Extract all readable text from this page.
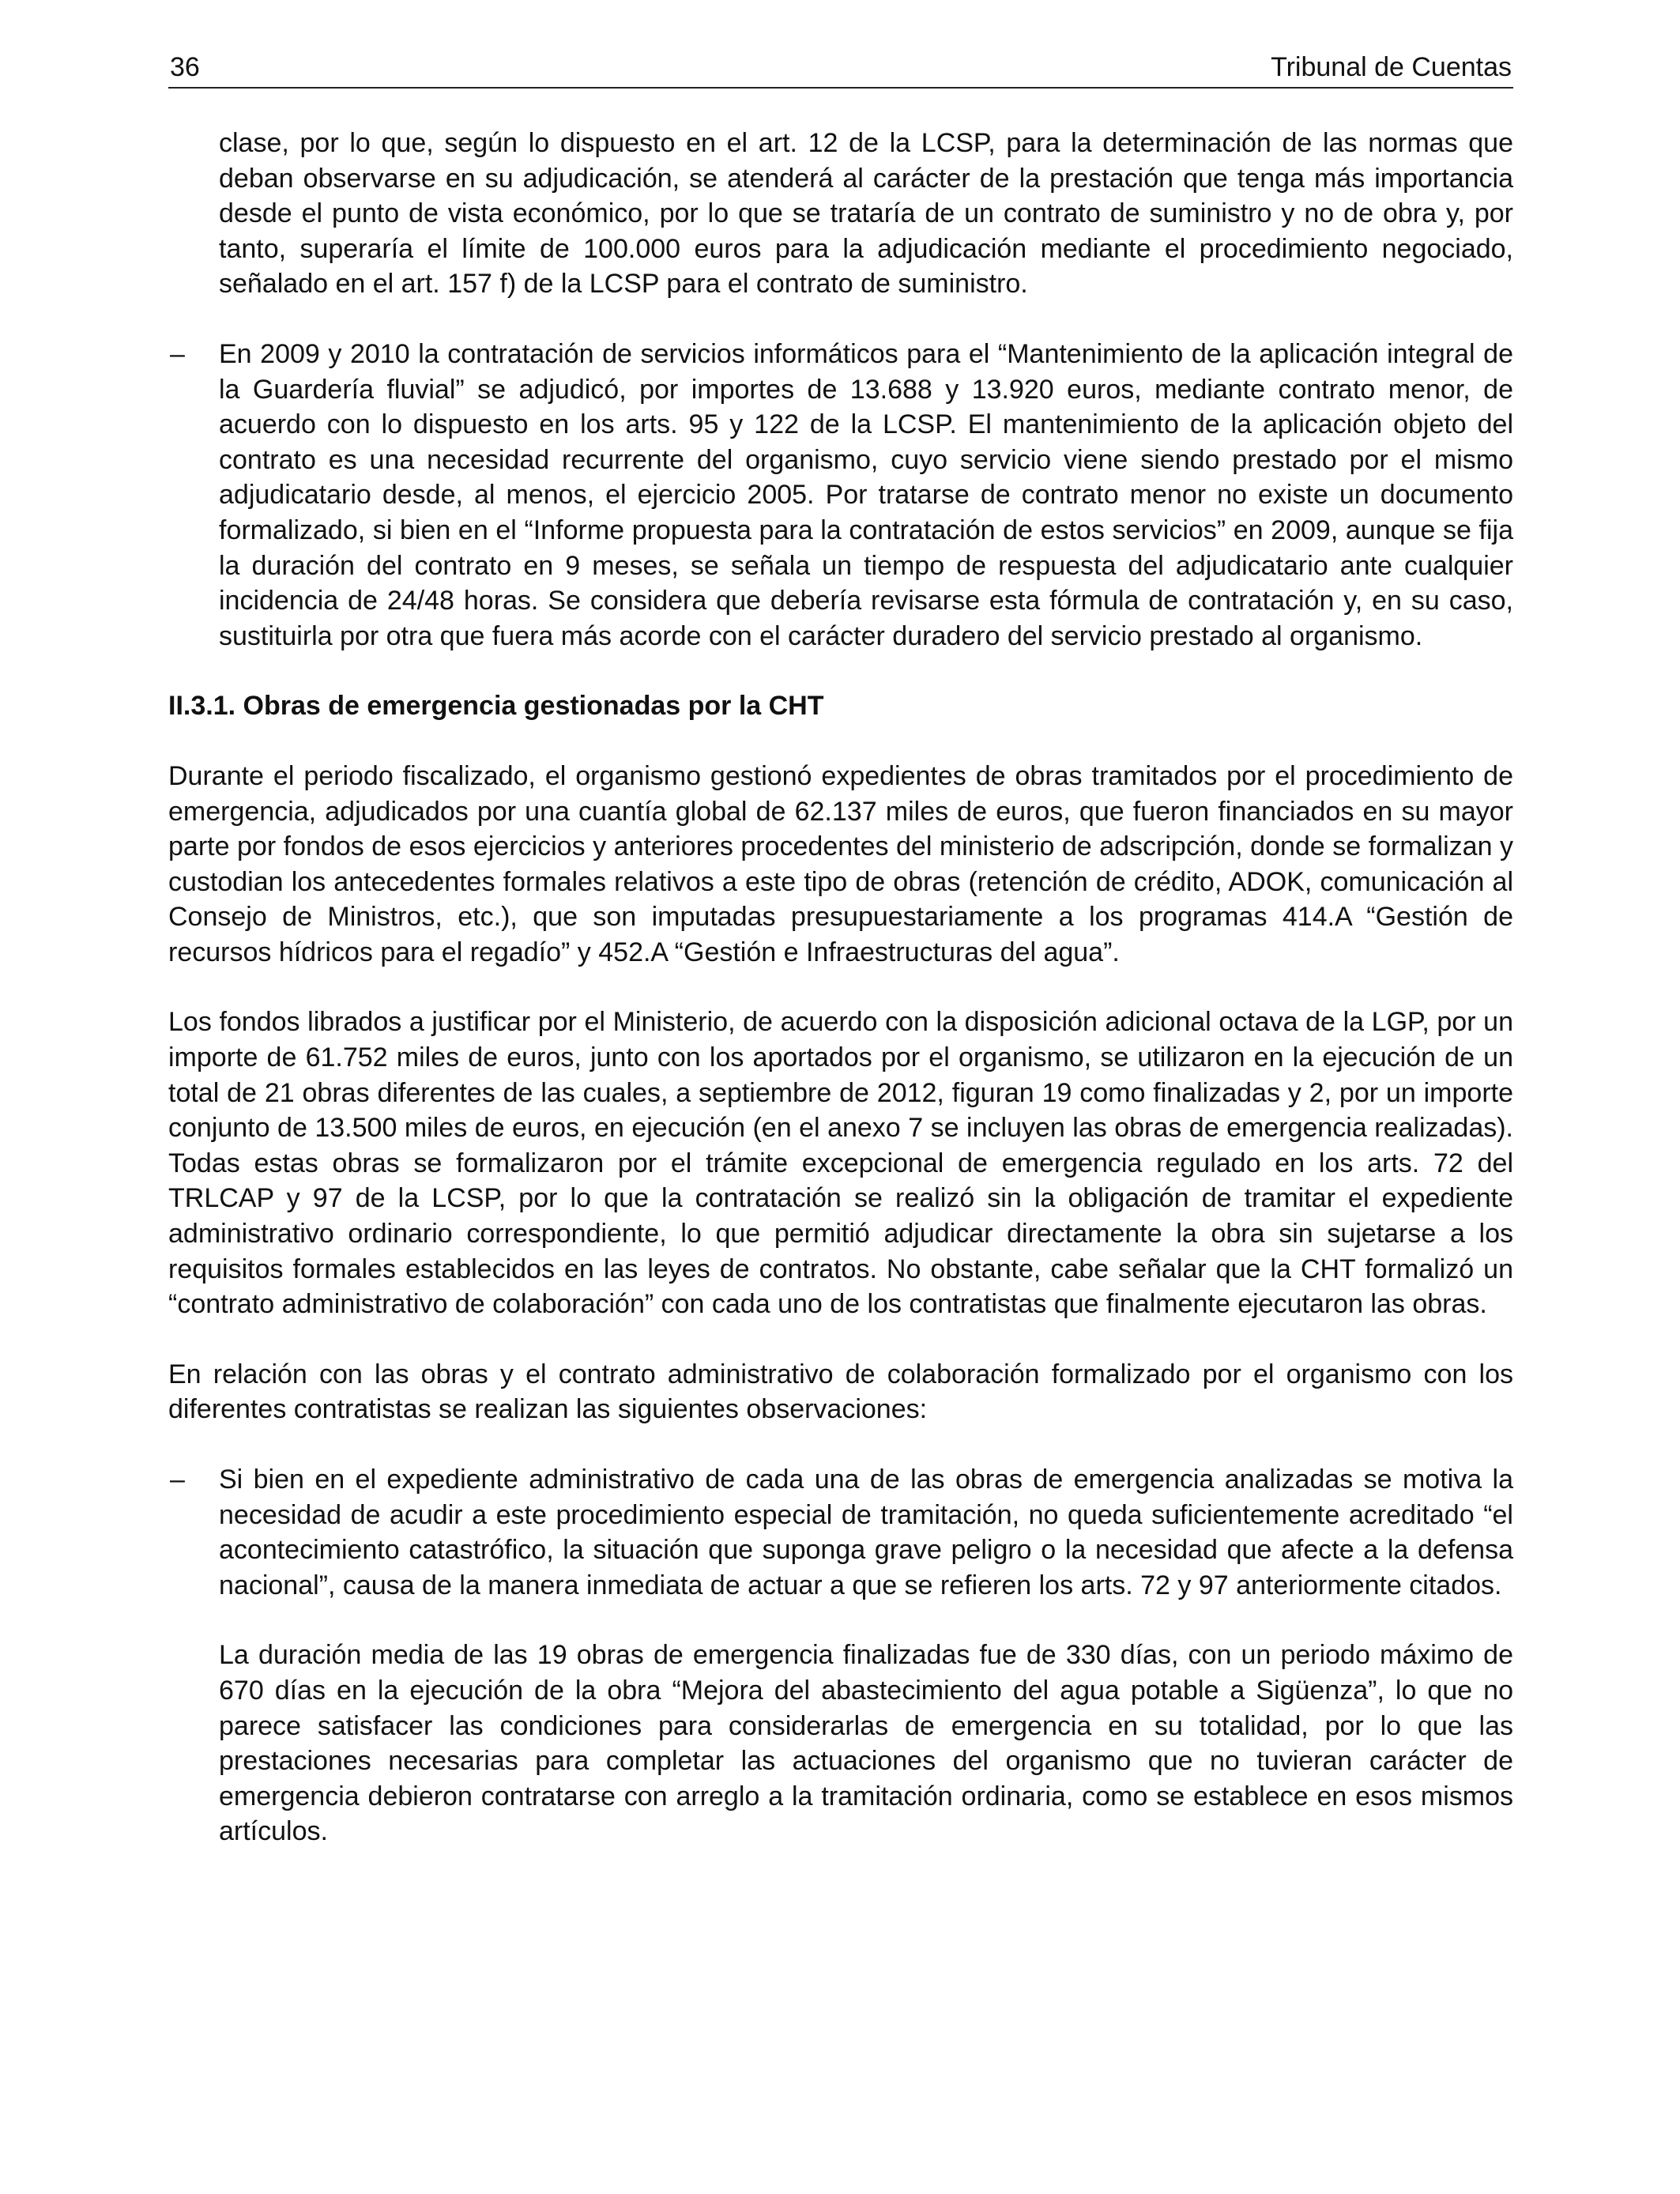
36	Tribunal de Cuentas

clase, por lo que, según lo dispuesto en el art. 12 de la LCSP, para la determinación de las normas que deban observarse en su adjudicación, se atenderá al carácter de la prestación que tenga más importancia desde el punto de vista económico, por lo que se trataría de un contrato de suministro y no de obra y, por tanto, superaría el límite de 100.000 euros para la adjudicación mediante el procedimiento negociado, señalado en el art. 157 f) de la LCSP para el contrato de suministro.

– En 2009 y 2010 la contratación de servicios informáticos para el “Mantenimiento de la aplicación integral de la Guardería fluvial” se adjudicó, por importes de 13.688 y 13.920 euros, mediante contrato menor, de acuerdo con lo dispuesto en los arts. 95 y 122 de la LCSP. El mantenimiento de la aplicación objeto del contrato es una necesidad recurrente del organismo, cuyo servicio viene siendo prestado por el mismo adjudicatario desde, al menos, el ejercicio 2005. Por tratarse de contrato menor no existe un documento formalizado, si bien en el “Informe propuesta para la contratación de estos servicios” en 2009, aunque se fija la duración del contrato en 9 meses, se señala un tiempo de respuesta del adjudicatario ante cualquier incidencia de 24/48 horas. Se considera que debería revisarse esta fórmula de contratación y, en su caso, sustituirla por otra que fuera más acorde con el carácter duradero del servicio prestado al organismo.

II.3.1. Obras de emergencia gestionadas por la CHT

Durante el periodo fiscalizado, el organismo gestionó expedientes de obras tramitados por el procedimiento de emergencia, adjudicados por una cuantía global de 62.137 miles de euros, que fueron financiados en su mayor parte por fondos de esos ejercicios y anteriores procedentes del ministerio de adscripción, donde se formalizan y custodian los antecedentes formales relativos a este tipo de obras (retención de crédito, ADOK, comunicación al Consejo de Ministros, etc.), que son imputadas presupuestariamente a los programas 414.A “Gestión de recursos hídricos para el regadío” y 452.A “Gestión e Infraestructuras del agua”.

Los fondos librados a justificar por el Ministerio, de acuerdo con la disposición adicional octava de la LGP, por un importe de 61.752 miles de euros, junto con los aportados por el organismo, se utilizaron en la ejecución de un total de 21 obras diferentes de las cuales, a septiembre de 2012, figuran 19 como finalizadas y 2, por un importe conjunto de 13.500 miles de euros, en ejecución (en el anexo 7 se incluyen las obras de emergencia realizadas). Todas estas obras se formalizaron por el trámite excepcional de emergencia regulado en los arts. 72 del TRLCAP y 97 de la LCSP, por lo que la contratación se realizó sin la obligación de tramitar el expediente administrativo ordinario correspondiente, lo que permitió adjudicar directamente la obra sin sujetarse a los requisitos formales establecidos en las leyes de contratos. No obstante, cabe señalar que la CHT formalizó un “contrato administrativo de colaboración” con cada uno de los contratistas que finalmente ejecutaron las obras.

En relación con las obras y el contrato administrativo de colaboración formalizado por el organismo con los diferentes contratistas se realizan las siguientes observaciones:

– Si bien en el expediente administrativo de cada una de las obras de emergencia analizadas se motiva la necesidad de acudir a este procedimiento especial de tramitación, no queda suficientemente acreditado “el acontecimiento catastrófico, la situación que suponga grave peligro o la necesidad que afecte a la defensa nacional”, causa de la manera inmediata de actuar a que se refieren los arts. 72 y 97 anteriormente citados.

La duración media de las 19 obras de emergencia finalizadas fue de 330 días, con un periodo máximo de 670 días en la ejecución de la obra “Mejora del abastecimiento del agua potable a Sigüenza”, lo que no parece satisfacer las condiciones para considerarlas de emergencia en su totalidad, por lo que las prestaciones necesarias para completar las actuaciones del organismo que no tuvieran carácter de emergencia debieron contratarse con arreglo a la tramitación ordinaria, como se establece en esos mismos artículos.
